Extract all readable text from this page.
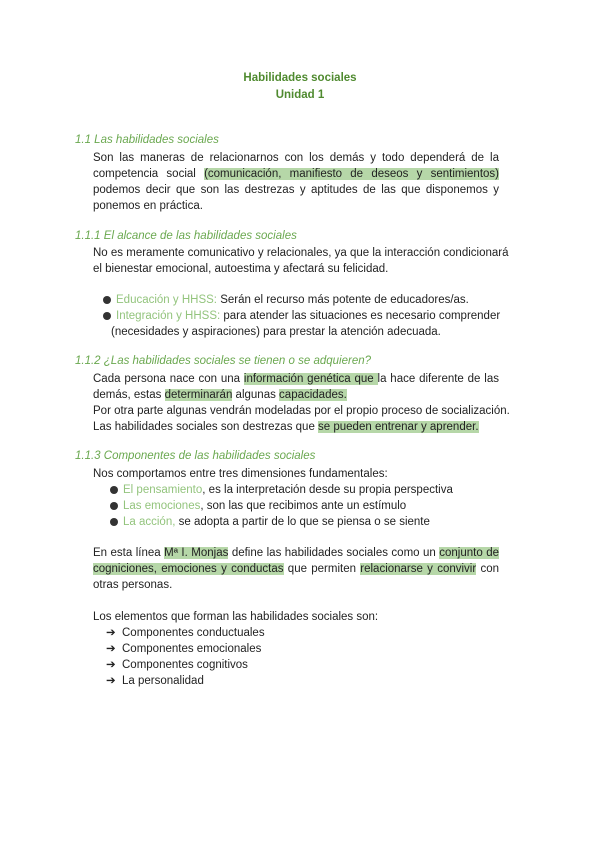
Habilidades sociales
Unidad 1
1.1 Las habilidades sociales
Son las maneras de relacionarnos con los demás y todo dependerá de la
competencia social (comunicación, manifiesto de deseos y sentimientos)
podemos decir que son las destrezas y aptitudes de las que disponemos y
ponemos en práctica.
1.1.1 El alcance de las habilidades sociales
No es meramente comunicativo y relacionales, ya que la interacción condicionará
el bienestar emocional, autoestima y afectará su felicidad.
Educación y HHSS: Serán el recurso más potente de educadores/as.
Integración y HHSS: para atender las situaciones es necesario comprender
(necesidades y aspiraciones) para prestar la atención adecuada.
1.1.2 ¿Las habilidades sociales se tienen o se adquieren?
Cada persona nace con una información genética que la hace diferente de las
demás, estas determinarán algunas capacidades.
Por otra parte algunas vendrán modeladas por el propio proceso de socialización.
Las habilidades sociales son destrezas que se pueden entrenar y aprender.
1.1.3 Componentes de las habilidades sociales
Nos comportamos entre tres dimensiones fundamentales:
El pensamiento, es la interpretación desde su propia perspectiva
Las emociones, son las que recibimos ante un estímulo
La acción, se adopta a partir de lo que se piensa o se siente
En esta línea Mª I. Monjas define las habilidades sociales como un conjunto de
cogniciones, emociones y conductas que permiten relacionarse y convivir con
otras personas.
Los elementos que forman las habilidades sociales son:
➔ Componentes conductuales
➔ Componentes emocionales
➔ Componentes cognitivos
➔ La personalidad
